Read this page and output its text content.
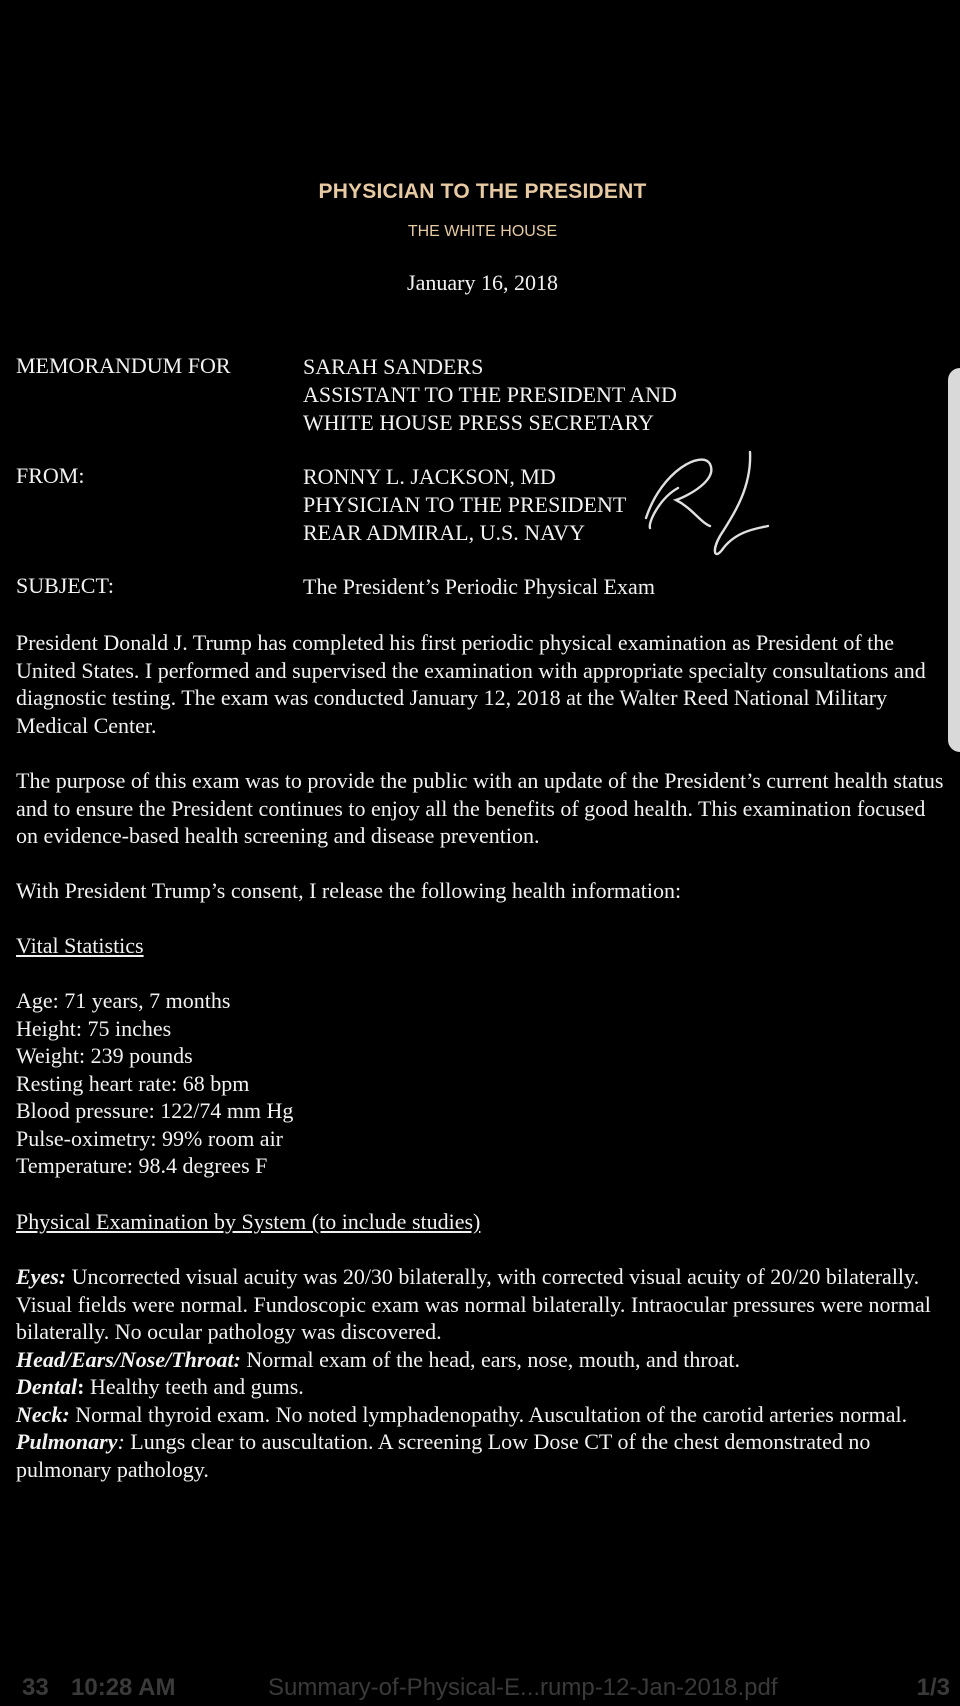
PHYSICIAN TO THE PRESIDENT
THE WHITE HOUSE
January 16, 2018
MEMORANDUM FOR	SARAH SANDERS
ASSISTANT TO THE PRESIDENT AND
WHITE HOUSE PRESS SECRETARY
FROM:	RONNY L. JACKSON, MD
PHYSICIAN TO THE PRESIDENT
REAR ADMIRAL, U.S. NAVY
SUBJECT:	The President’s Periodic Physical Exam
President Donald J. Trump has completed his first periodic physical examination as President of the United States. I performed and supervised the examination with appropriate specialty consultations and diagnostic testing. The exam was conducted January 12, 2018 at the Walter Reed National Military Medical Center.
The purpose of this exam was to provide the public with an update of the President’s current health status and to ensure the President continues to enjoy all the benefits of good health. This examination focused on evidence-based health screening and disease prevention.
With President Trump’s consent, I release the following health information:
Vital Statistics
Age: 71 years, 7 months
Height: 75 inches
Weight: 239 pounds
Resting heart rate: 68 bpm
Blood pressure: 122/74 mm Hg
Pulse-oximetry: 99% room air
Temperature: 98.4 degrees F
Physical Examination by System (to include studies)
Eyes: Uncorrected visual acuity was 20/30 bilaterally, with corrected visual acuity of 20/20 bilaterally. Visual fields were normal. Fundoscopic exam was normal bilaterally. Intraocular pressures were normal bilaterally. No ocular pathology was discovered.
Head/Ears/Nose/Throat: Normal exam of the head, ears, nose, mouth, and throat.
Dental: Healthy teeth and gums.
Neck: Normal thyroid exam. No noted lymphadenopathy. Auscultation of the carotid arteries normal.
Pulmonary: Lungs clear to auscultation. A screening Low Dose CT of the chest demonstrated no pulmonary pathology.
33 10:28 AM	Summary-of-Physical-E...rump-12-Jan-2018.pdf	1/3
